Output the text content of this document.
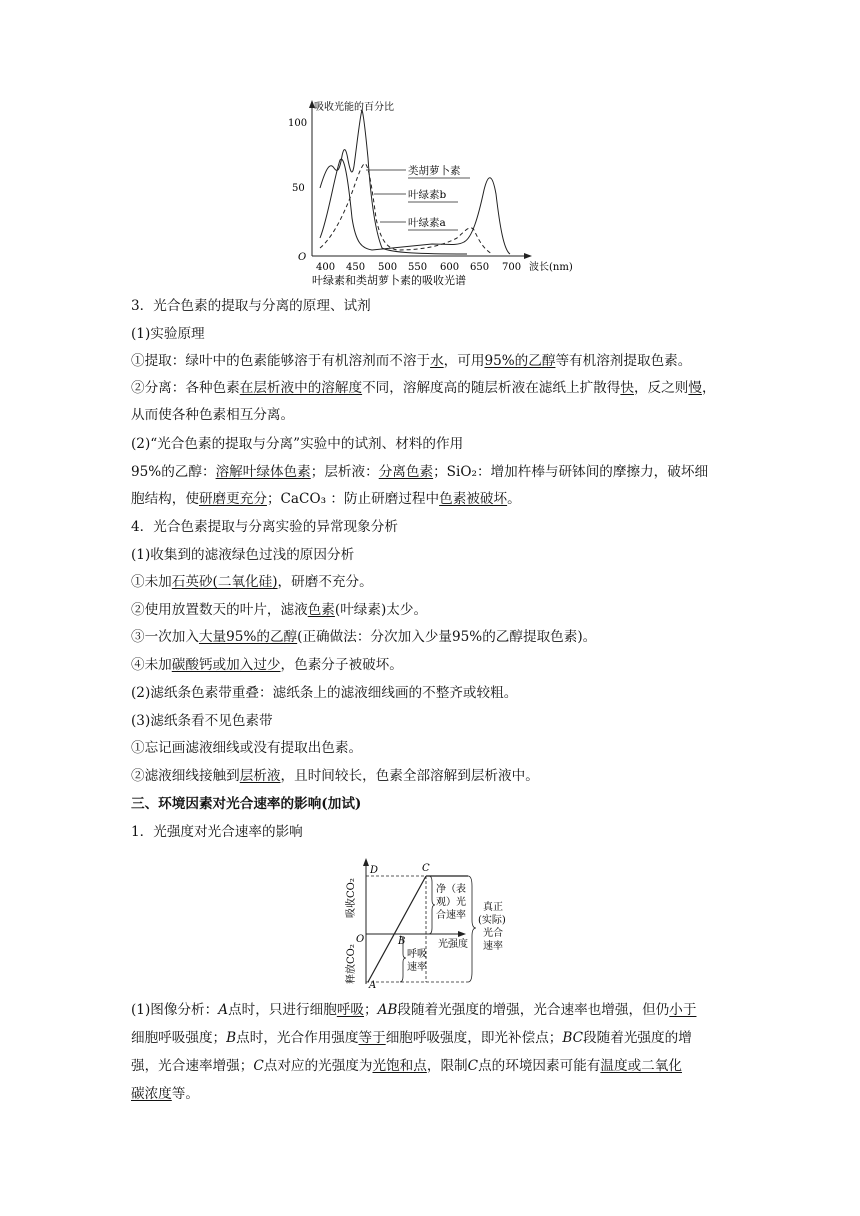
吸收光能的百分比
100
50
O
400 450 500 550 600 650 700 波长(nm)
类胡萝卜素
叶绿素b
叶绿素a
叶绿素和类胡萝卜素的吸收光谱
3．光合色素的提取与分离的原理、试剂
(1)实验原理
①提取：绿叶中的色素能够溶于有机溶剂而不溶于水，可用95%的乙醇等有机溶剂提取色素。
②分离：各种色素在层析液中的溶解度不同，溶解度高的随层析液在滤纸上扩散得快，反之则慢，
从而使各种色素相互分离。
(2)“光合色素的提取与分离”实验中的试剂、材料的作用
95%的乙醇：溶解叶绿体色素；层析液：分离色素；SiO₂：增加杵棒与研钵间的摩擦力，破坏细
胞结构，使研磨更充分；CaCO₃ ：防止研磨过程中色素被破坏。
4．光合色素提取与分离实验的异常现象分析
(1)收集到的滤液绿色过浅的原因分析
①未加石英砂(二氧化硅)，研磨不充分。
②使用放置数天的叶片，滤液色素(叶绿素)太少。
③一次加入大量95%的乙醇(正确做法：分次加入少量95%的乙醇提取色素)。
④未加碳酸钙或加入过少，色素分子被破坏。
(2)滤纸条色素带重叠：滤纸条上的滤液细线画的不整齐或较粗。
(3)滤纸条看不见色素带
①忘记画滤液细线或没有提取出色素。
②滤液细线接触到层析液，且时间较长，色素全部溶解到层析液中。
三、环境因素对光合速率的影响(加试)
1．光强度对光合速率的影响
吸收CO₂
释放CO₂
D	C
O	B
A
净（表
观）光
合速率
光强度
呼吸
速率
真正
(实际)
光合
速率
(1)图像分析：A点时，只进行细胞呼吸；AB段随着光强度的增强，光合速率也增强，但仍小于
细胞呼吸强度；B点时，光合作用强度等于细胞呼吸强度，即光补偿点；BC段随着光强度的增
强，光合速率增强；C点对应的光强度为光饱和点，限制C点的环境因素可能有温度或二氧化
碳浓度等。
